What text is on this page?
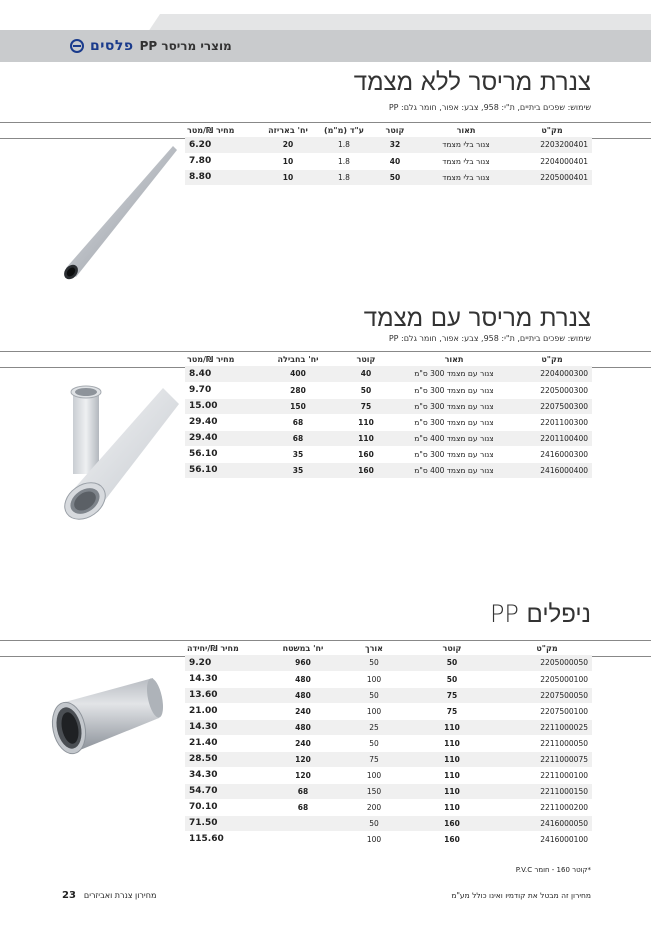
מוצרי מריסר PP
פלסים
צנרת מריסר ללא מצמד
שימוש: שפכים ביתיים, ת"י: 958, צבע: אפור, חומר גלם: PP
מק"ט	תאור	קוטר	ע"ד (מ"מ)	יח' באריזה	מחיר ₪/מטר
2203200401	צנור בלי מצמד	32	1.8	20	6.20
2204000401	צנור בלי מצמד	40	1.8	10	7.80
2205000401	צנור בלי מצמד	50	1.8	10	8.80
צנרת מריסר עם מצמד
שימוש: שפכים ביתיים, ת"י: 958, צבע: אפור, חומר גלם: PP
מק"ט	תאור	קוטר	יח' בחבילה	מחיר ₪/מטר
2204000300	צנור עם מצמד 300 ס"מ	40	400	8.40
2205000300	צנור עם מצמד 300 ס"מ	50	280	9.70
2207500300	צנור עם מצמד 300 ס"מ	75	150	15.00
2201100300	צנור עם מצמד 300 ס"מ	110	68	29.40
2201100400	צנור עם מצמד 400 ס"מ	110	68	29.40
2416000300	צנור עם מצמד 300 ס"מ	160	35	56.10
2416000400	צנור עם מצמד 400 ס"מ	160	35	56.10
ניפלים PP
מק"ט	קוטר	אורך	יח' במשטח	מחיר ₪/יחידה
2205000050	50	50	960	9.20
2205000100	50	100	480	14.30
2207500050	75	50	480	13.60
2207500100	75	100	240	21.00
2211000025	110	25	480	14.30
2211000050	110	50	240	21.40
2211000075	110	75	120	28.50
2211000100	110	100	120	34.30
2211000150	110	150	68	54.70
2211000200	110	200	68	70.10
2416000050	160	50		71.50
2416000100	160	100		115.60
*קוטר 160 - חומר P.V.C
מחירון צנרת ואביזרים
23	מחירון זה מבטל את קודמיו ואינו כולל מע"מ
